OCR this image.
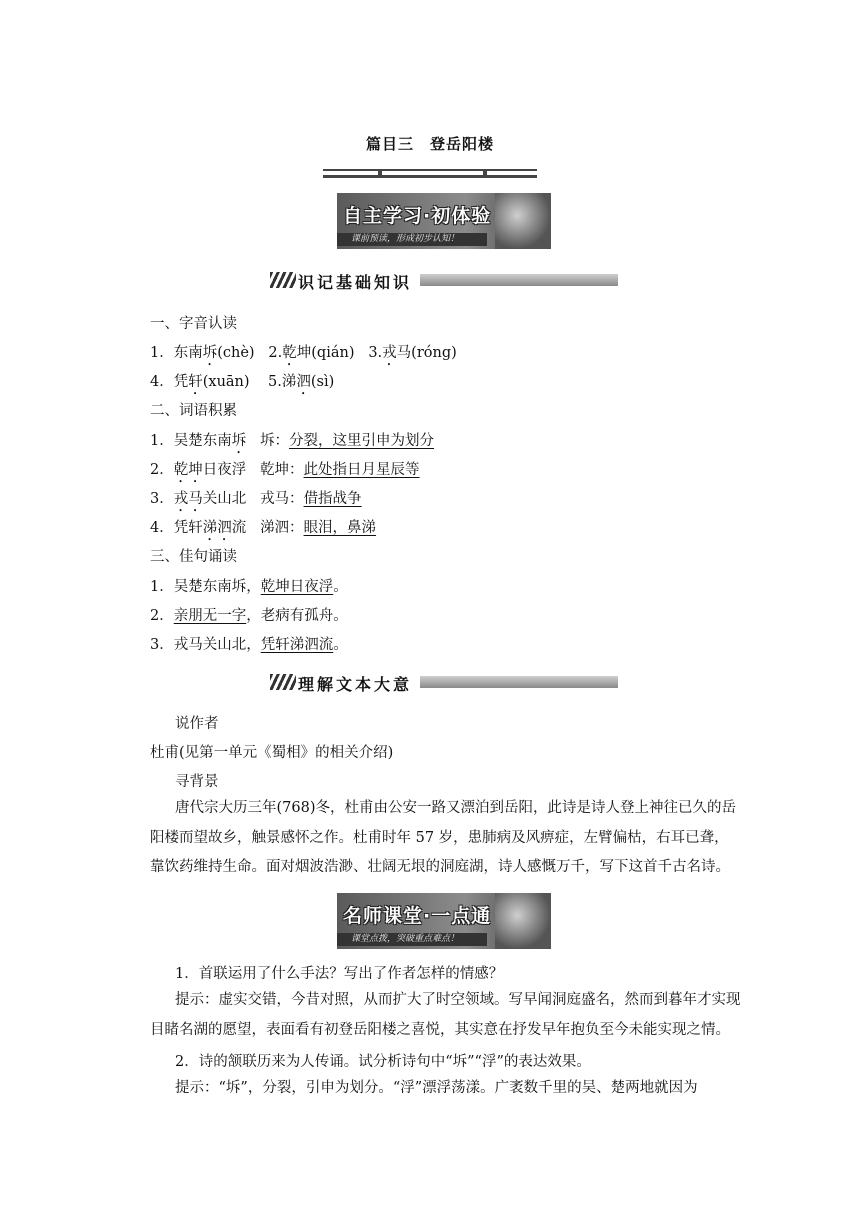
篇目三　登岳阳楼
自主学习·初体验
课前预读，形成初步认知！
识记基础知识
一、字音认读
1．东南坼(chè) 2.乾坤(qián) 3.戎马(róng)
4．凭轩(xuān) 5.涕泗(sì)
二、词语积累
1．吴楚东南坼 坼：分裂，这里引申为划分
2．乾坤日夜浮 乾坤：此处指日月星辰等
3．戎马关山北 戎马：借指战争
4．凭轩涕泗流 涕泗：眼泪，鼻涕
三、佳句诵读
1．吴楚东南坼，乾坤日夜浮。
2．亲朋无一字，老病有孤舟。
3．戎马关山北，凭轩涕泗流。
理解文本大意
说作者
杜甫(见第一单元《蜀相》的相关介绍)
寻背景
唐代宗大历三年(768)冬，杜甫由公安一路又漂泊到岳阳，此诗是诗人登上神往已久的岳阳楼而望故乡，触景感怀之作。杜甫时年 57 岁，患肺病及风痹症，左臂偏枯，右耳已聋，靠饮药维持生命。面对烟波浩渺、壮阔无垠的洞庭湖，诗人感慨万千，写下这首千古名诗。
名师课堂·一点通
课堂点拨，突破重点难点！
1．首联运用了什么手法？写出了作者怎样的情感？
提示：虚实交错，今昔对照，从而扩大了时空领域。写早闻洞庭盛名，然而到暮年才实现目睹名湖的愿望，表面看有初登岳阳楼之喜悦，其实意在抒发早年抱负至今未能实现之情。
2．诗的颔联历来为人传诵。试分析诗句中“坼”“浮”的表达效果。
提示：“坼”，分裂，引申为划分。“浮”漂浮荡漾。广袤数千里的吴、楚两地就因为
